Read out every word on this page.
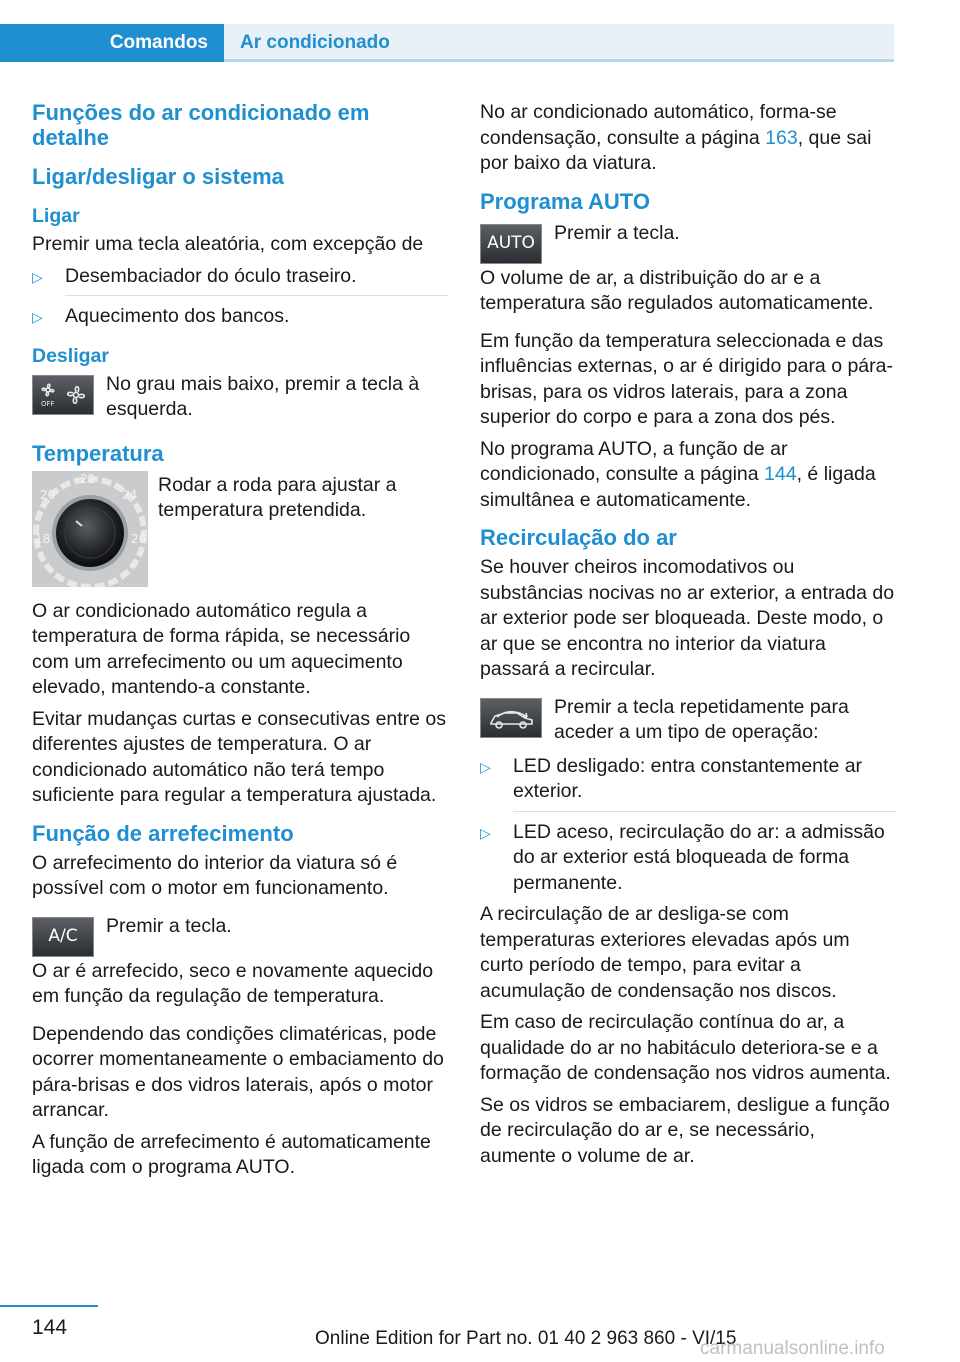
Comandos Ar condicionado
Funções do ar condicionado em detalhe
Ligar/desligar o sistema
Ligar

Premir uma tecla aleatória, com excepção de

▷ Desembaciador do óculo traseiro.
▷ Aquecimento dos bancos.
Desligar
OFF
No grau mais baixo, premir a tecla à esquerda.
Temperatura
18
20
22
24
26
Rodar a roda para ajustar a temperatura pretendida.

O ar condicionado automático regula a temperatura de forma rápida, se necessário com um arrefecimento ou um aquecimento elevado, mantendo-a constante.

Evitar mudanças curtas e consecutivas entre os diferentes ajustes de temperatura. O ar condicionado automático não terá tempo suficiente para regular a temperatura ajustada.

Função de arrefecimento

O arrefecimento do interior da viatura só é possível com o motor em funcionamento.

A/C Premir a tecla.

O ar é arrefecido, seco e novamente aquecido em função da regulação de temperatura.

Dependendo das condições climatéricas, pode ocorrer momentaneamente o embaciamento do pára-brisas e dos vidros laterais, após o motor arrancar.

A função de arrefecimento é automaticamente ligada com o programa AUTO.

No ar condicionado automático, forma-se condensação, consulte a página 163, que sai por baixo da viatura.

Programa AUTO
AUTO Premir a tecla.

O volume de ar, a distribuição do ar e a temperatura são regulados automaticamente.

Em função da temperatura seleccionada e das influências externas, o ar é dirigido para o pára-brisas, para os vidros laterais, para a zona superior do corpo e para a zona dos pés.

No programa AUTO, a função de ar condicionado, consulte a página 144, é ligada simultânea e automaticamente.

Recirculação do ar

Se houver cheiros incomodativos ou substâncias nocivas no ar exterior, a entrada do ar exterior pode ser bloqueada. Deste modo, o ar que se encontra no interior da viatura passará a recircular.

Premir a tecla repetidamente para aceder a um tipo de operação:
▷ LED desligado: entra constantemente ar exterior.
▷ LED aceso, recirculação do ar: a admissão do ar exterior está bloqueada de forma permanente.

A recirculação de ar desliga-se com temperaturas exteriores elevadas após um curto período de tempo, para evitar a acumulação de condensação nos discos.

Em caso de recirculação contínua do ar, a qualidade do ar no habitáculo deteriora-se e a formação de condensação nos vidros aumenta.

Se os vidros se embaciarem, desligue a função de recirculação do ar e, se necessário, aumente o volume de ar.

144	Online Edition for Part no. 01 40 2 963 860 - VI/15
carmanualsonline.info
